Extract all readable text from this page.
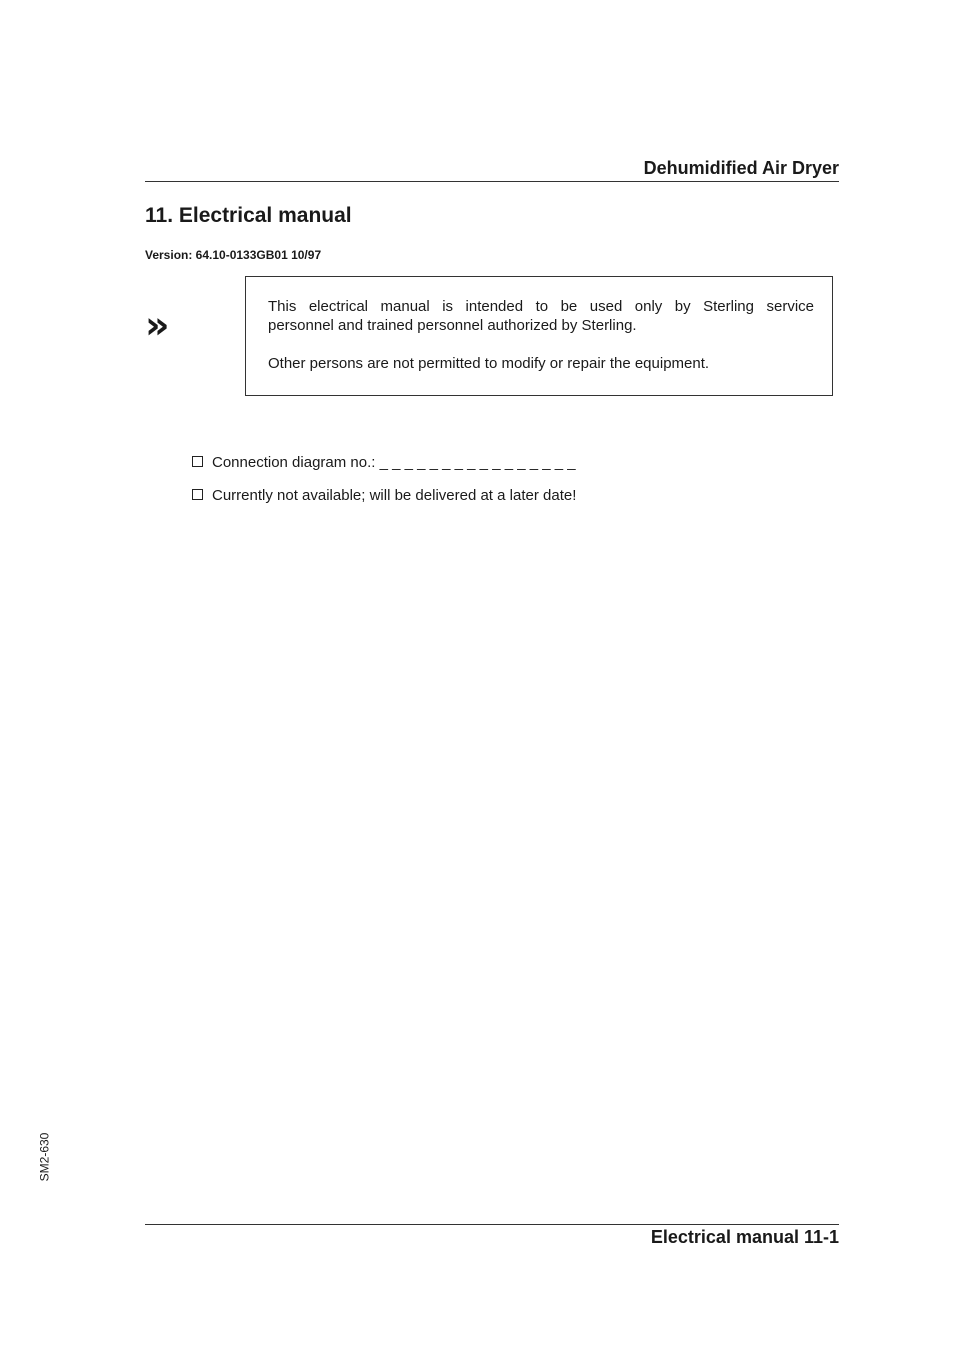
Dehumidified Air Dryer
11. Electrical manual
Version: 64.10-0133GB01 10/97
»	This electrical manual is intended to be used only by Sterling service

personnel and trained personnel authorized by Sterling.

Other persons are not permitted to modify or repair the equipment.

Connection diagram no.: _ _ _ _ _ _ _ _ _ _ _ _ _ _ _ _
Currently not available; will be delivered at a later date!
SM2-630
Electrical manual 11-1
